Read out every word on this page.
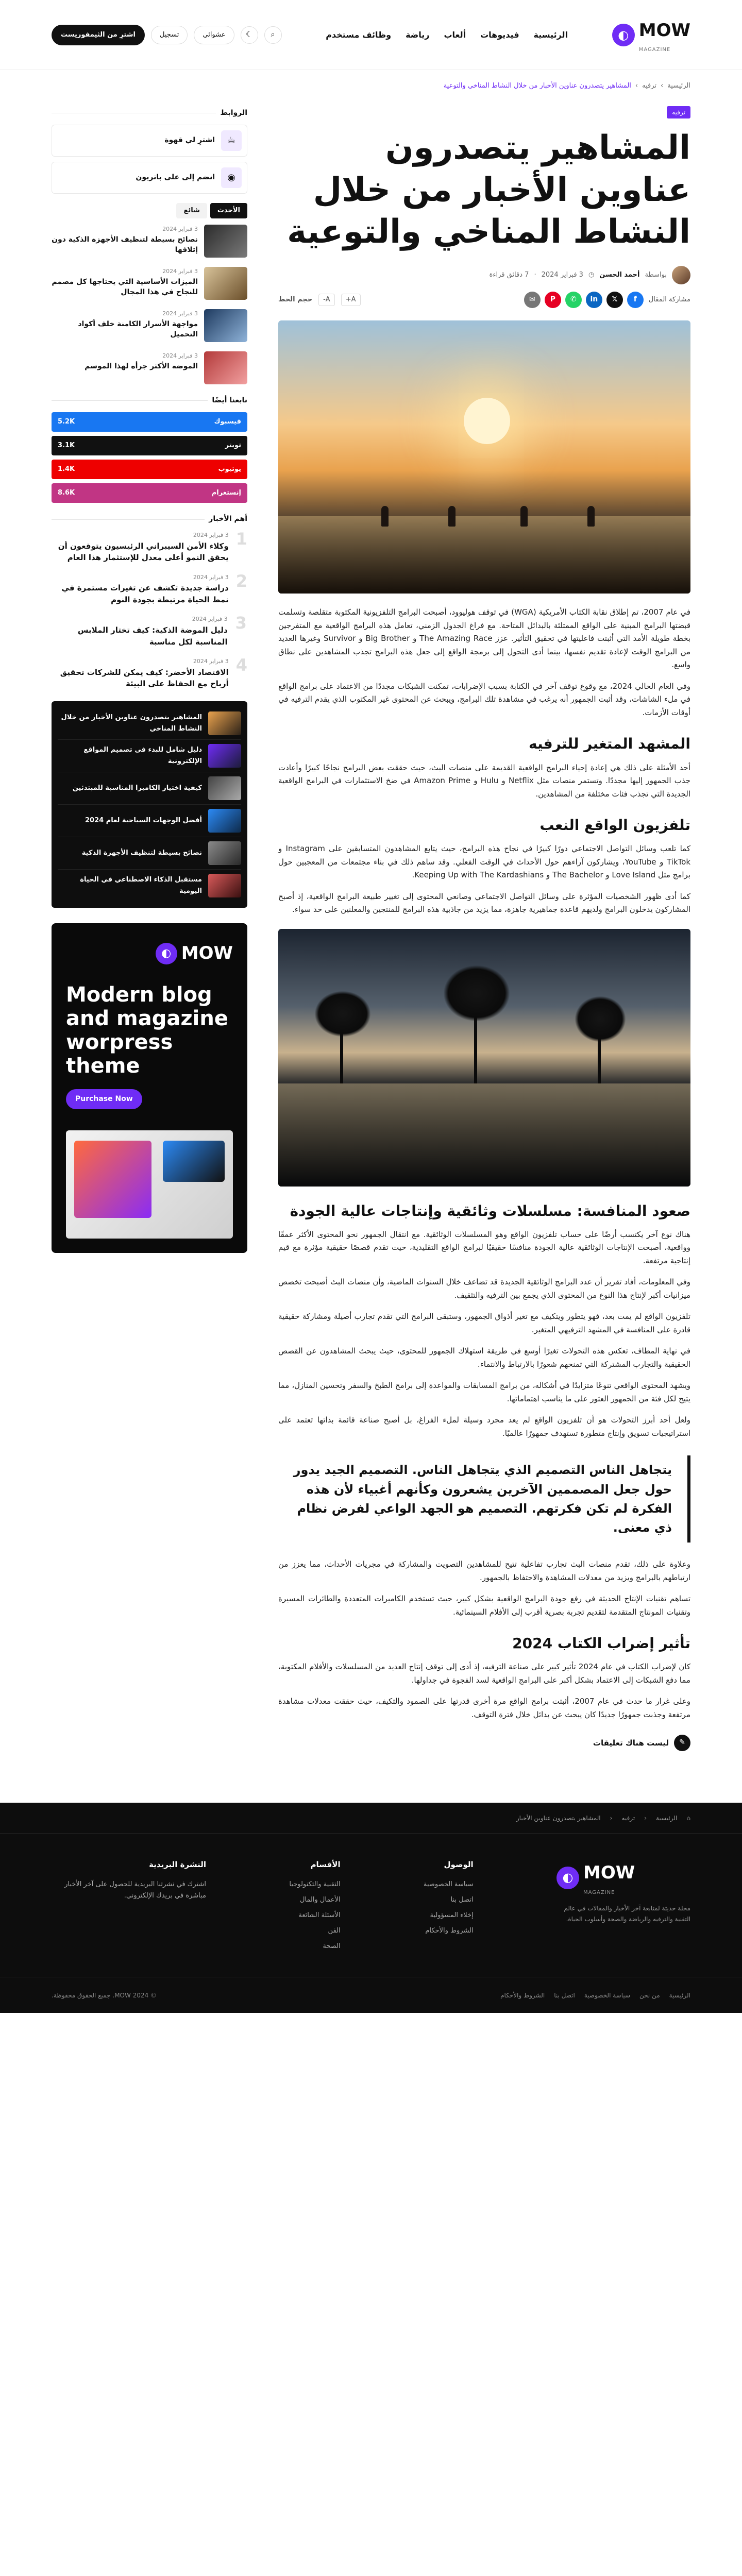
◐ MOW
MAGAZINE
الرئيسية
فيديوهات
ألعاب
رياضة
وظائف مستخدم
⌕
☾
عشوائي
تسجيل
اشترِ من الثيمفوريست
الرئيسية
›
ترفيه
›
المشاهير يتصدرون عناوين الأخبار من خلال النشاط المناخي والتوعية
ترفيه
المشاهير يتصدرون عناوين الأخبار من خلال النشاط المناخي والتوعية
بواسطة
أحمد الحسن
◷
3 فبراير 2024
·
7 دقائق قراءة
مشاركة المقال
f
𝕏
in
✆
P
✉
A+
A-
حجم الخط

في عام 2007، تم إطلاق نقابة الكتاب الأمريكية (WGA) في توقف هوليوود، أصبحت البرامج التلفزيونية المكتوبة متقلصة وتسلمت قبضتها البرامج المبنية على الواقع الممتلئة بالبدائل المتاحة. مع فراغ الجدول الزمني، تعامل هذه البرامج الواقعية مع المتفرجين بخطة طويلة الأمد التي أثبتت فاعليتها في تحقيق التأثير. عزز The Amazing Race و Big Brother و Survivor وغيرها العديد من البرامج الوقت لإعادة تقديم نفسها، بينما أدى التحول إلى برمجة الواقع إلى جعل هذه البرامج تجذب المشاهدين على نطاق واسع.

وفي العام الحالي 2024، مع وقوع توقف آخر في الكتابة بسبب الإضرابات، تمكنت الشبكات مجددًا من الاعتماد على برامج الواقع في ملء الشاشات، وقد أثبت الجمهور أنه يرغب في مشاهدة تلك البرامج، ويبحث عن المحتوى غير المكتوب الذي يقدم الترفيه في أوقات الأزمات.

المشهد المتغير للترفيه

أحد الأمثلة على ذلك هي إعادة إحياء البرامج الواقعية القديمة على منصات البث، حيث حققت بعض البرامج نجاحًا كبيرًا وأعادت جذب الجمهور إليها مجددًا. وتستمر منصات مثل Netflix و Hulu و Amazon Prime في ضخ الاستثمارات في البرامج الواقعية الجديدة التي تجذب فئات مختلفة من المشاهدين.

تلفزيون الواقع النعب

كما تلعب وسائل التواصل الاجتماعي دورًا كبيرًا في نجاح هذه البرامج، حيث يتابع المشاهدون المتسابقين على Instagram و TikTok و YouTube، ويشاركون آراءهم حول الأحداث في الوقت الفعلي. وقد ساهم ذلك في بناء مجتمعات من المعجبين حول برامج مثل Love Island و The Bachelor و Keeping Up with The Kardashians.

كما أدى ظهور الشخصيات المؤثرة على وسائل التواصل الاجتماعي وصانعي المحتوى إلى تغيير طبيعة البرامج الواقعية، إذ أصبح المشاركون يدخلون البرامج ولديهم قاعدة جماهيرية جاهزة، مما يزيد من جاذبية هذه البرامج للمنتجين والمعلنين على حد سواء.

صعود المنافسة: مسلسلات وثائقية وإنتاجات عالية الجودة

هناك نوع آخر يكتسب أرضًا على حساب تلفزيون الواقع وهو المسلسلات الوثائقية. مع انتقال الجمهور نحو المحتوى الأكثر عمقًا وواقعية، أصبحت الإنتاجات الوثائقية عالية الجودة منافسًا حقيقيًا لبرامج الواقع التقليدية، حيث تقدم قصصًا حقيقية مؤثرة مع قيم إنتاجية مرتفعة.

وفي المعلومات، أفاد تقرير أن عدد البرامج الوثائقية الجديدة قد تضاعف خلال السنوات الماضية، وأن منصات البث أصبحت تخصص ميزانيات أكبر لإنتاج هذا النوع من المحتوى الذي يجمع بين الترفيه والتثقيف.

تلفزيون الواقع لم يمت بعد، فهو يتطور ويتكيف مع تغير أذواق الجمهور، وستبقى البرامج التي تقدم تجارب أصيلة ومشاركة حقيقية قادرة على المنافسة في المشهد الترفيهي المتغير.

في نهاية المطاف، تعكس هذه التحولات تغيرًا أوسع في طريقة استهلاك الجمهور للمحتوى، حيث يبحث المشاهدون عن القصص الحقيقية والتجارب المشتركة التي تمنحهم شعورًا بالارتباط والانتماء.

ويشهد المحتوى الواقعي تنوعًا متزايدًا في أشكاله، من برامج المسابقات والمواعدة إلى برامج الطبخ والسفر وتحسين المنازل، مما يتيح لكل فئة من الجمهور العثور على ما يناسب اهتماماتها.

ولعل أحد أبرز التحولات هو أن تلفزيون الواقع لم يعد مجرد وسيلة لملء الفراغ، بل أصبح صناعة قائمة بذاتها تعتمد على استراتيجيات تسويق وإنتاج متطورة تستهدف جمهورًا عالميًا.

يتجاهل الناس التصميم الذي يتجاهل الناس. التصميم الجيد يدور حول جعل المصممين الآخرين يشعرون وكأنهم أغبياء لأن هذه الفكرة لم تكن فكرتهم. التصميم هو الجهد الواعي لفرض نظام ذي معنى.

وعلاوة على ذلك، تقدم منصات البث تجارب تفاعلية تتيح للمشاهدين التصويت والمشاركة في مجريات الأحداث، مما يعزز من ارتباطهم بالبرامج ويزيد من معدلات المشاهدة والاحتفاظ بالجمهور.

تساهم تقنيات الإنتاج الحديثة في رفع جودة البرامج الواقعية بشكل كبير، حيث تستخدم الكاميرات المتعددة والطائرات المسيرة وتقنيات المونتاج المتقدمة لتقديم تجربة بصرية أقرب إلى الأفلام السينمائية.

تأثير إضراب الكتاب 2024

كان لإضراب الكتاب في عام 2024 تأثير كبير على صناعة الترفيه، إذ أدى إلى توقف إنتاج العديد من المسلسلات والأفلام المكتوبة، مما دفع الشبكات إلى الاعتماد بشكل أكبر على البرامج الواقعية لسد الفجوة في جداولها.

وعلى غرار ما حدث في عام 2007، أثبتت برامج الواقع مرة أخرى قدرتها على الصمود والتكيف، حيث حققت معدلات مشاهدة مرتفعة وجذبت جمهورًا جديدًا كان يبحث عن بدائل خلال فترة التوقف.

✎
ليست هناك تعليقات
الروابط
☕
اشترِ لي قهوة
◉
انضم إلى على باتريون
الأحدث
شائع
3 فبراير 2024
نصائح بسيطة لتنظيف الأجهزة الذكية دون إتلافها
3 فبراير 2024
الميزات الأساسية التي يحتاجها كل مصمم للنجاح في هذا المجال
3 فبراير 2024
مواجهة الأسرار الكامنة خلف أكواد التحميل
3 فبراير 2024
الموضة الأكثر جرأة لهذا الموسم
تابعنا أيضًا
فيسبوك
5.2K
تويتر
3.1K
يوتيوب
1.4K
إنستغرام
8.6K
أهم الأخبار
1
3 فبراير 2024
وكلاء الأمن السيبراني الرئيسيون يتوقعون أن يحقق النمو أعلى معدل للإستثمار هذا العام
2
3 فبراير 2024
دراسة جديدة تكشف عن تغيرات مستمرة في نمط الحياة مرتبطة بجودة النوم
3
3 فبراير 2024
دليل الموضة الذكية: كيف تختار الملابس المناسبة لكل مناسبة
4
3 فبراير 2024
الاقتصاد الأخضر: كيف يمكن للشركات تحقيق أرباح مع الحفاظ على البيئة
المشاهير يتصدرون عناوين الأخبار من خلال النشاط المناخي
دليل شامل للبدء في تصميم المواقع الإلكترونية
كيفية اختيار الكاميرا المناسبة للمبتدئين
أفضل الوجهات السياحية لعام 2024
نصائح بسيطة لتنظيف الأجهزة الذكية
مستقبل الذكاء الاصطناعي في الحياة اليومية
◐ MOW
Modern blog and magazine worpress theme
Purchase Now
⌂
الرئيسية
‹
ترفيه
‹
المشاهير يتصدرون عناوين الأخبار
◐ MOW
MAGAZINE
مجلة حديثة لمتابعة آخر الأخبار والمقالات في عالم التقنية والترفيه والرياضة والصحة وأسلوب الحياة.
الوصول
سياسة الخصوصية
اتصل بنا
إخلاء المسؤولية
الشروط والأحكام
الأقسام
التقنية والتكنولوجيا
الأعمال والمال
الأسئلة الشائعة
الفن
الصحة
النشرة البريدية
اشترك في نشرتنا البريدية للحصول على آخر الأخبار مباشرة في بريدك الإلكتروني.
الرئيسية
من نحن
سياسة الخصوصية
اتصل بنا
الشروط والأحكام
© 2024 MOW. جميع الحقوق محفوظة.
